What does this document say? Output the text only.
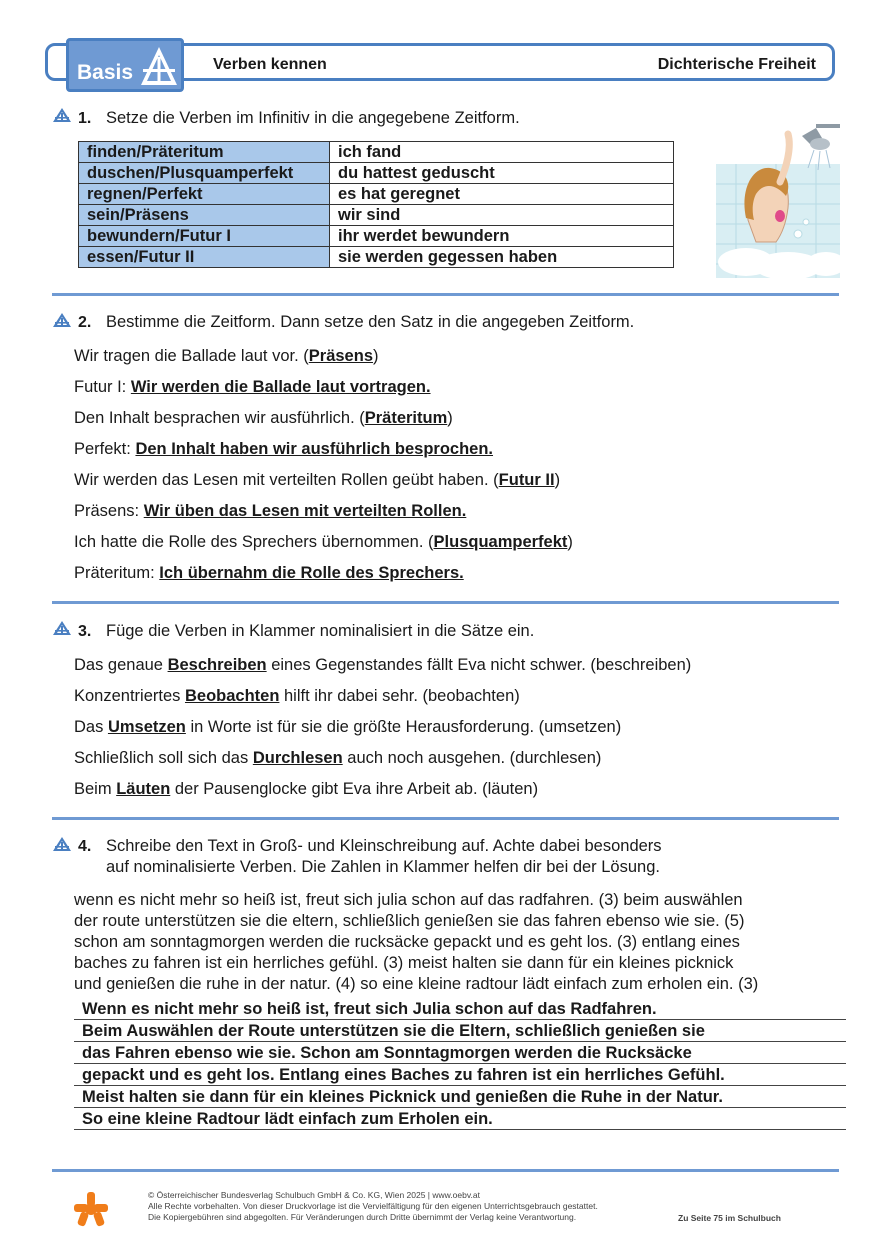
Basis	Verben kennen	Dichterische Freiheit
1. Setze die Verben im Infinitiv in die angegebene Zeitform.
finden/Präteritum	ich fand
duschen/Plusquamperfekt	du hattest geduscht
regnen/Perfekt	es hat geregnet
sein/Präsens	wir sind
bewundern/Futur I	ihr werdet bewundern
essen/Futur II	sie werden gegessen haben
2. Bestimme die Zeitform. Dann setze den Satz in die angegeben Zeitform.
Wir tragen die Ballade laut vor. (Präsens)
Futur I: Wir werden die Ballade laut vortragen.
Den Inhalt besprachen wir ausführlich. (Präteritum)
Perfekt: Den Inhalt haben wir ausführlich besprochen.
Wir werden das Lesen mit verteilten Rollen geübt haben. (Futur II)
Präsens: Wir üben das Lesen mit verteilten Rollen.
Ich hatte die Rolle des Sprechers übernommen. (Plusquamperfekt)
Präteritum: Ich übernahm die Rolle des Sprechers.
3. Füge die Verben in Klammer nominalisiert in die Sätze ein.
Das genaue Beschreiben eines Gegenstandes fällt Eva nicht schwer. (beschreiben)
Konzentriertes Beobachten hilft ihr dabei sehr. (beobachten)
Das Umsetzen in Worte ist für sie die größte Herausforderung. (umsetzen)
Schließlich soll sich das Durchlesen auch noch ausgehen. (durchlesen)
Beim Läuten der Pausenglocke gibt Eva ihre Arbeit ab. (läuten)
4. Schreibe den Text in Groß- und Kleinschreibung auf. Achte dabei besonders
auf nominalisierte Verben. Die Zahlen in Klammer helfen dir bei der Lösung.
wenn es nicht mehr so heiß ist, freut sich julia schon auf das radfahren. (3) beim auswählen
der route unterstützen sie die eltern, schließlich genießen sie das fahren ebenso wie sie. (5)
schon am sonntagmorgen werden die rucksäcke gepackt und es geht los. (3) entlang eines
baches zu fahren ist ein herrliches gefühl. (3) meist halten sie dann für ein kleines picknick
und genießen die ruhe in der natur. (4) so eine kleine radtour lädt einfach zum erholen ein. (3)
Wenn es nicht mehr so heiß ist, freut sich Julia schon auf das Radfahren.
Beim Auswählen der Route unterstützen sie die Eltern, schließlich genießen sie
das Fahren ebenso wie sie. Schon am Sonntagmorgen werden die Rucksäcke
gepackt und es geht los. Entlang eines Baches zu fahren ist ein herrliches Gefühl.
Meist halten sie dann für ein kleines Picknick und genießen die Ruhe in der Natur.
So eine kleine Radtour lädt einfach zum Erholen ein.
© Österreichischer Bundesverlag Schulbuch GmbH & Co. KG, Wien 2025 | www.oebv.at
Alle Rechte vorbehalten. Von dieser Druckvorlage ist die Vervielfältigung für den eigenen Unterrichtsgebrauch gestattet.
Die Kopiergebühren sind abgegolten. Für Veränderungen durch Dritte übernimmt der Verlag keine Verantwortung.	Zu Seite 75 im Schulbuch
